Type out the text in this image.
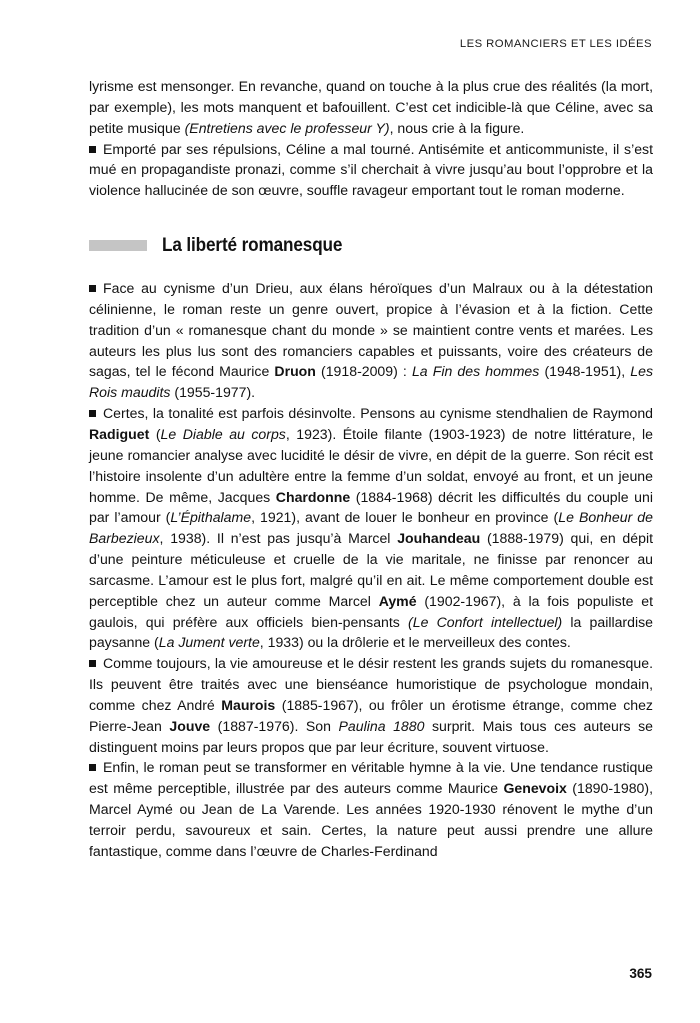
LES ROMANCIERS ET LES IDÉES

lyrisme est mensonger. En revanche, quand on touche à la plus crue des réalités (la mort, par exemple), les mots manquent et bafouillent. C’est cet indicible-là que Céline, avec sa petite musique (Entretiens avec le professeur Y), nous crie à la figure.

Emporté par ses répulsions, Céline a mal tourné. Antisémite et anticommuniste, il s’est mué en propagandiste pronazi, comme s’il cherchait à vivre jusqu’au bout l’opprobre et la violence hallucinée de son œuvre, souffle ravageur emportant tout le roman moderne.

La liberté romanesque

Face au cynisme d’un Drieu, aux élans héroïques d’un Malraux ou à la détestation célinienne, le roman reste un genre ouvert, propice à l’évasion et à la fiction. Cette tradition d’un « romanesque chant du monde » se maintient contre vents et marées. Les auteurs les plus lus sont des romanciers capables et puissants, voire des créateurs de sagas, tel le fécond Maurice Druon (1918-2009) : La Fin des hommes (1948-1951), Les Rois maudits (1955-1977).

Certes, la tonalité est parfois désinvolte. Pensons au cynisme stendhalien de Raymond Radiguet (Le Diable au corps, 1923). Étoile filante (1903-1923) de notre littérature, le jeune romancier analyse avec lucidité le désir de vivre, en dépit de la guerre. Son récit est l’histoire insolente d’un adultère entre la femme d’un soldat, envoyé au front, et un jeune homme. De même, Jacques Chardonne (1884-1968) décrit les difficultés du couple uni par l’amour (L’Épithalame, 1921), avant de louer le bonheur en province (Le Bonheur de Barbezieux, 1938). Il n’est pas jusqu’à Marcel Jouhandeau (1888-1979) qui, en dépit d’une peinture méticuleuse et cruelle de la vie maritale, ne finisse par renoncer au sarcasme. L’amour est le plus fort, malgré qu’il en ait. Le même comportement double est perceptible chez un auteur comme Marcel Aymé (1902-1967), à la fois populiste et gaulois, qui préfère aux officiels bien-pensants (Le Confort intellectuel) la paillardise paysanne (La Jument verte, 1933) ou la drôlerie et le merveilleux des contes.

Comme toujours, la vie amoureuse et le désir restent les grands sujets du romanesque. Ils peuvent être traités avec une bienséance humoristique de psychologue mondain, comme chez André Maurois (1885-1967), ou frôler un érotisme étrange, comme chez Pierre-Jean Jouve (1887-1976). Son Paulina 1880 surprit. Mais tous ces auteurs se distinguent moins par leurs propos que par leur écriture, souvent virtuose.

Enfin, le roman peut se transformer en véritable hymne à la vie. Une tendance rustique est même perceptible, illustrée par des auteurs comme Maurice Genevoix (1890-1980), Marcel Aymé ou Jean de La Varende. Les années 1920-1930 rénovent le mythe d’un terroir perdu, savoureux et sain. Certes, la nature peut aussi prendre une allure fantastique, comme dans l’œuvre de Charles-Ferdinand

365
